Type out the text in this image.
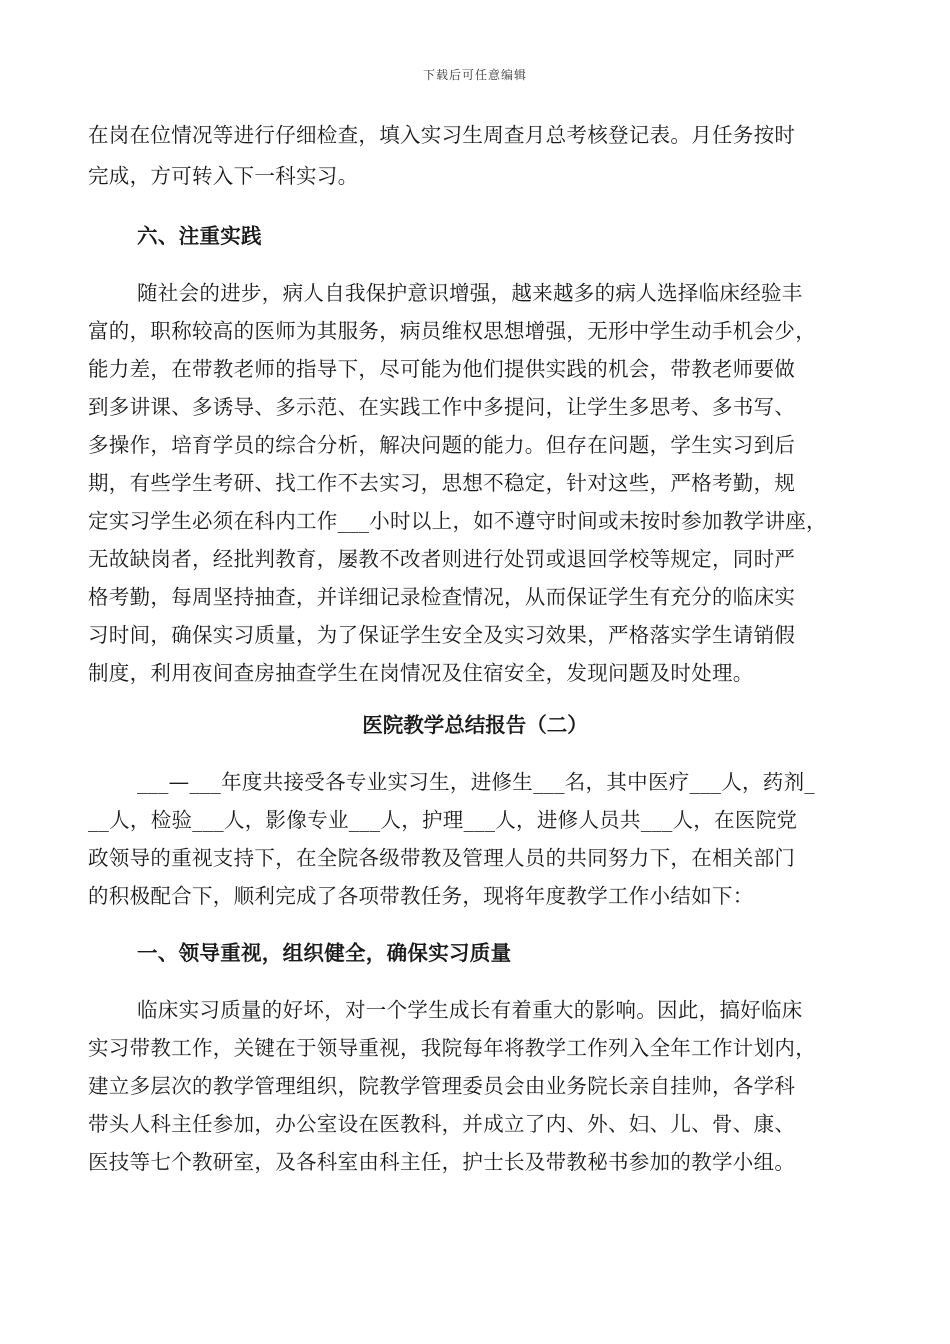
下载后可任意编辑
在岗在位情况等进行仔细检查，填入实习生周查月总考核登记表。月任务按时
完成，方可转入下一科实习。
六、注重实践
随社会的进步，病人自我保护意识增强，越来越多的病人选择临床经验丰
富的，职称较高的医师为其服务，病员维权思想增强，无形中学生动手机会少，
能力差，在带教老师的指导下，尽可能为他们提供实践的机会，带教老师要做
到多讲课、多诱导、多示范、在实践工作中多提问，让学生多思考、多书写、
多操作，培育学员的综合分析，解决问题的能力。但存在问题，学生实习到后
期，有些学生考研、找工作不去实习，思想不稳定，针对这些，严格考勤，规
定实习学生必须在科内工作___小时以上，如不遵守时间或未按时参加教学讲座，
无故缺岗者，经批判教育，屡教不改者则进行处罚或退回学校等规定，同时严
格考勤，每周坚持抽查，并详细记录检查情况，从而保证学生有充分的临床实
习时间，确保实习质量，为了保证学生安全及实习效果，严格落实学生请销假
制度，利用夜间查房抽查学生在岗情况及住宿安全，发现问题及时处理。
医院教学总结报告（二）
___—___年度共接受各专业实习生，进修生___名，其中医疗___人，药剂_
__人，检验___人，影像专业___人，护理___人，进修人员共___人，在医院党
政领导的重视支持下，在全院各级带教及管理人员的共同努力下，在相关部门
的积极配合下，顺利完成了各项带教任务，现将年度教学工作小结如下：
一、领导重视，组织健全，确保实习质量
临床实习质量的好坏，对一个学生成长有着重大的影响。因此，搞好临床
实习带教工作，关键在于领导重视，我院每年将教学工作列入全年工作计划内，
建立多层次的教学管理组织，院教学管理委员会由业务院长亲自挂帅，各学科
带头人科主任参加，办公室设在医教科，并成立了内、外、妇、儿、骨、康、
医技等七个教研室，及各科室由科主任，护士长及带教秘书参加的教学小组。
